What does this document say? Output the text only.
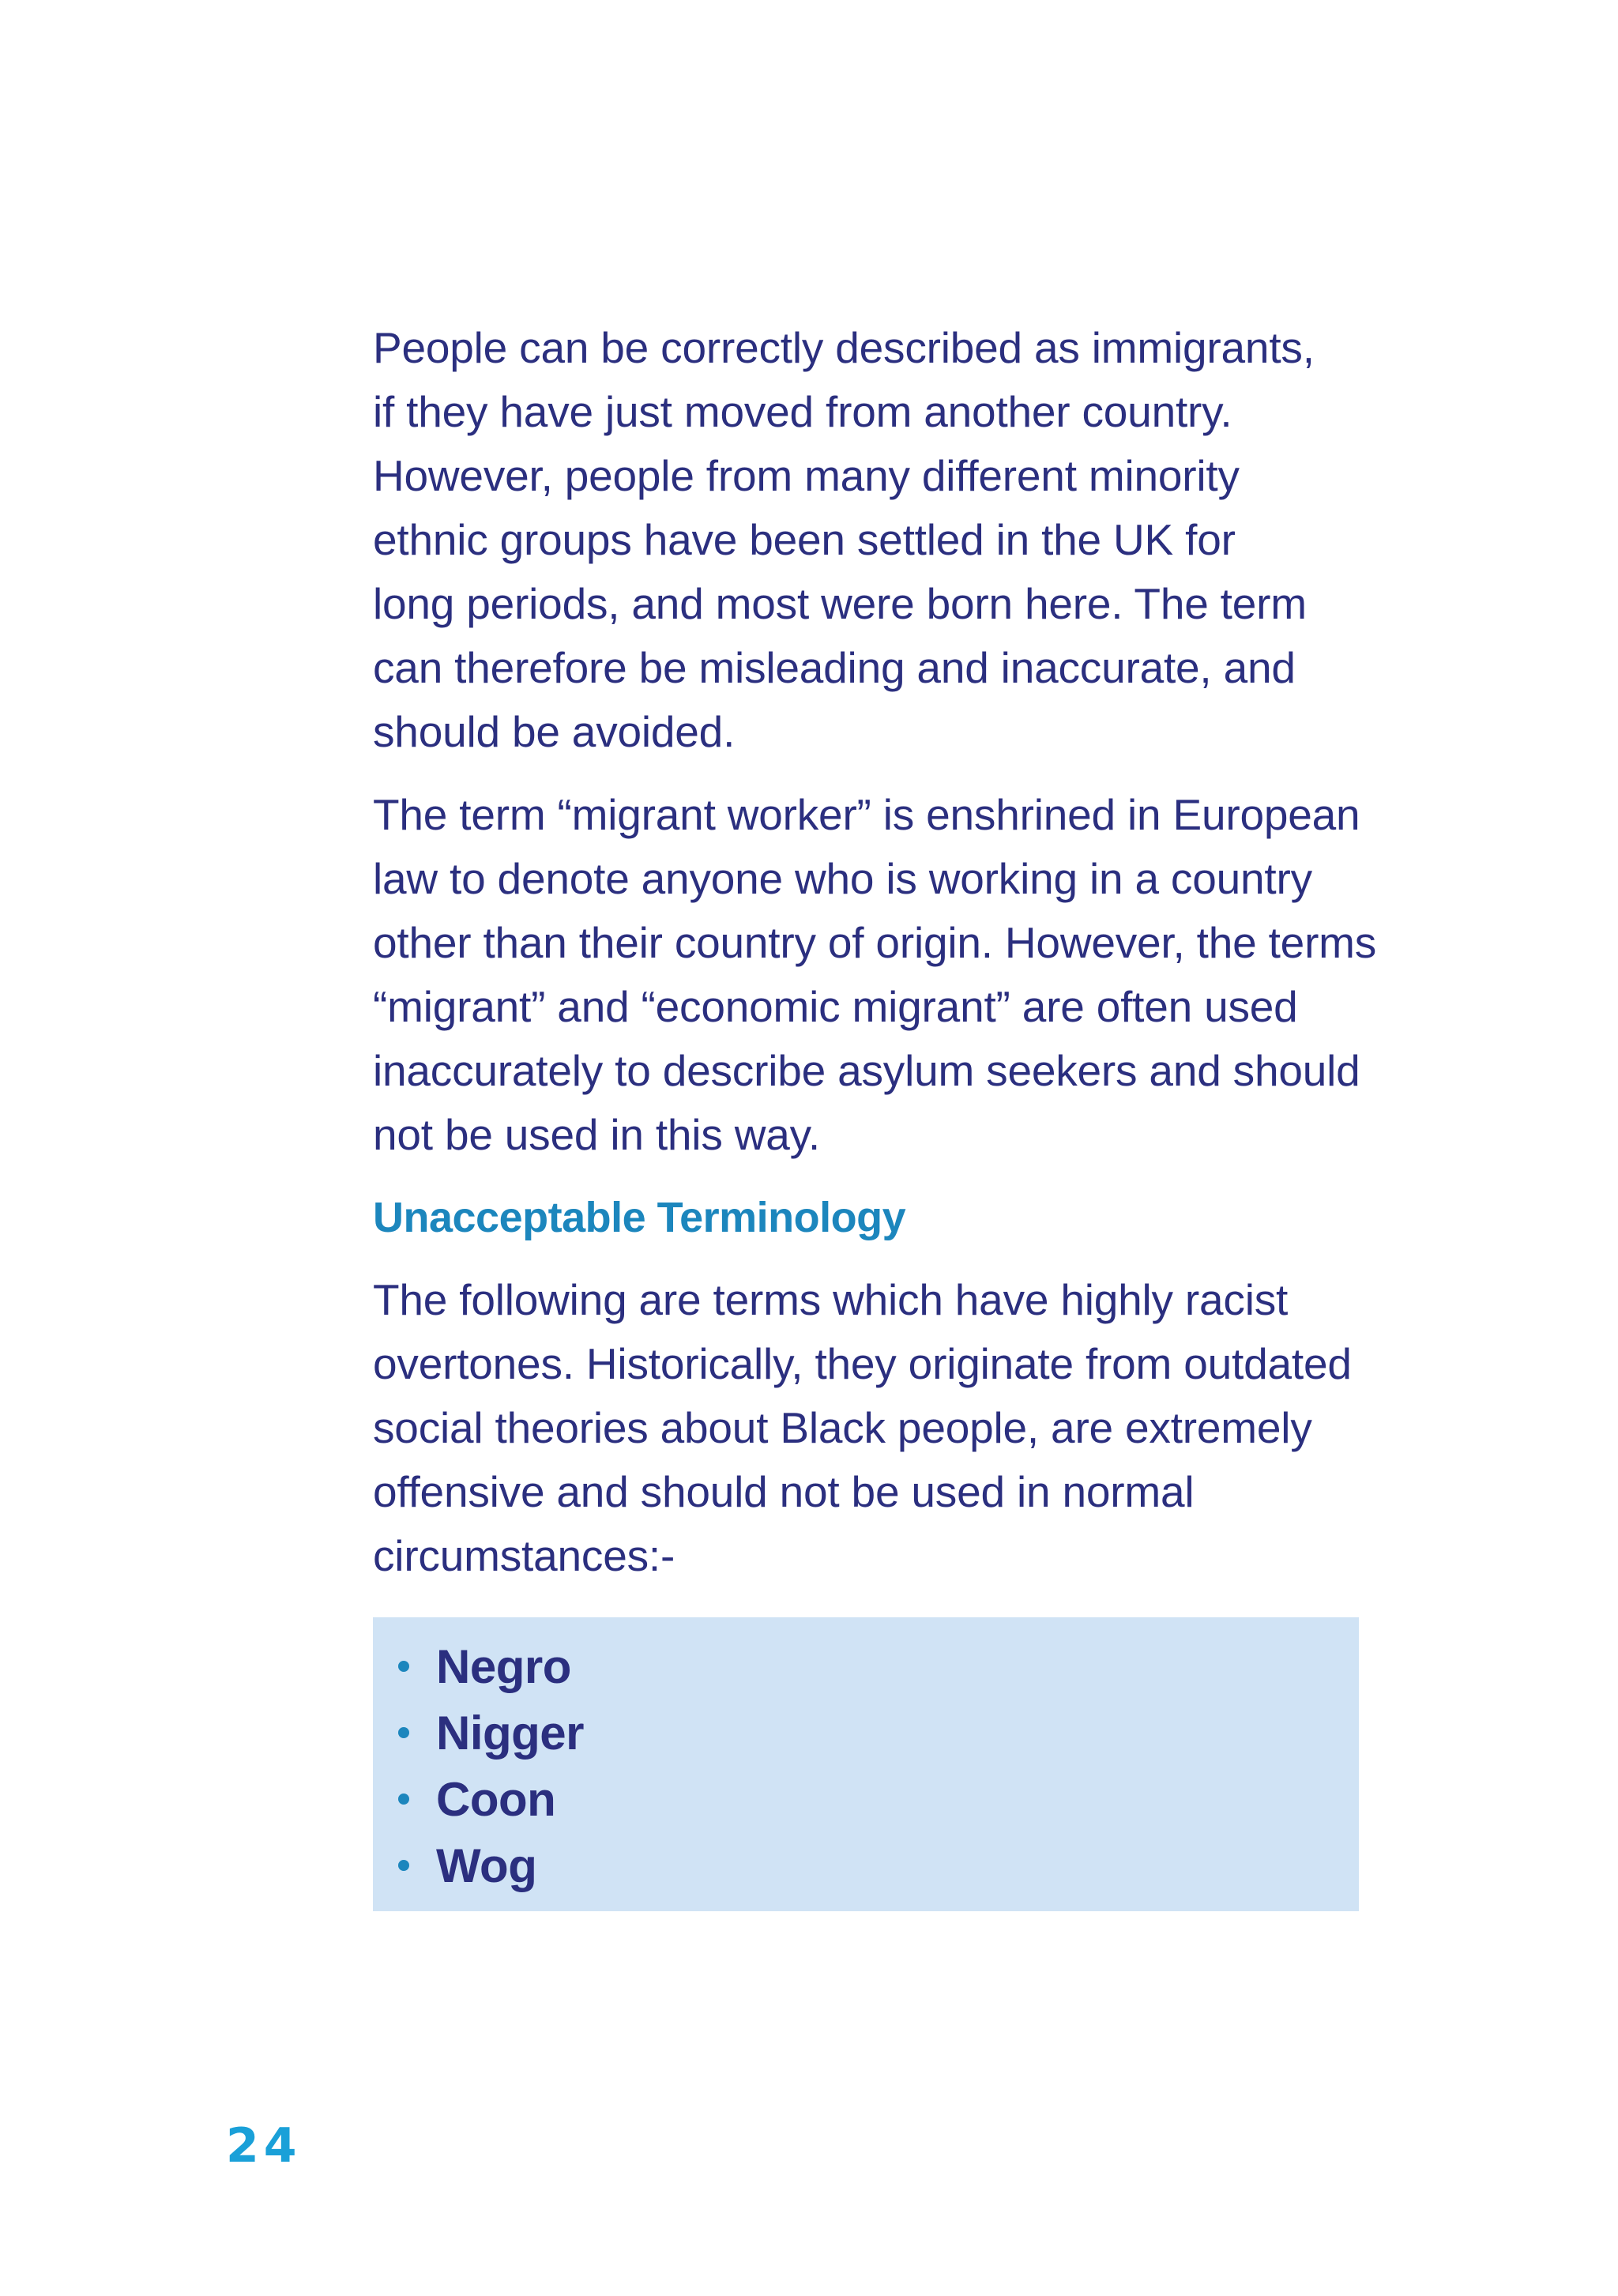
People can be correctly described as immigrants,
if they have just moved from another country.
However, people from many different minority
ethnic groups have been settled in the UK for
long periods, and most were born here. The term
can therefore be misleading and inaccurate, and
should be avoided.

The term “migrant worker” is enshrined in European
law to denote anyone who is working in a country
other than their country of origin. However, the terms
“migrant” and “economic migrant” are often used
inaccurately to describe asylum seekers and should
not be used in this way.

Unacceptable Terminology

The following are terms which have highly racist
overtones. Historically, they originate from outdated
social theories about Black people, are extremely
offensive and should not be used in normal
circumstances:-

Negro
Nigger
Coon
Wog
24
